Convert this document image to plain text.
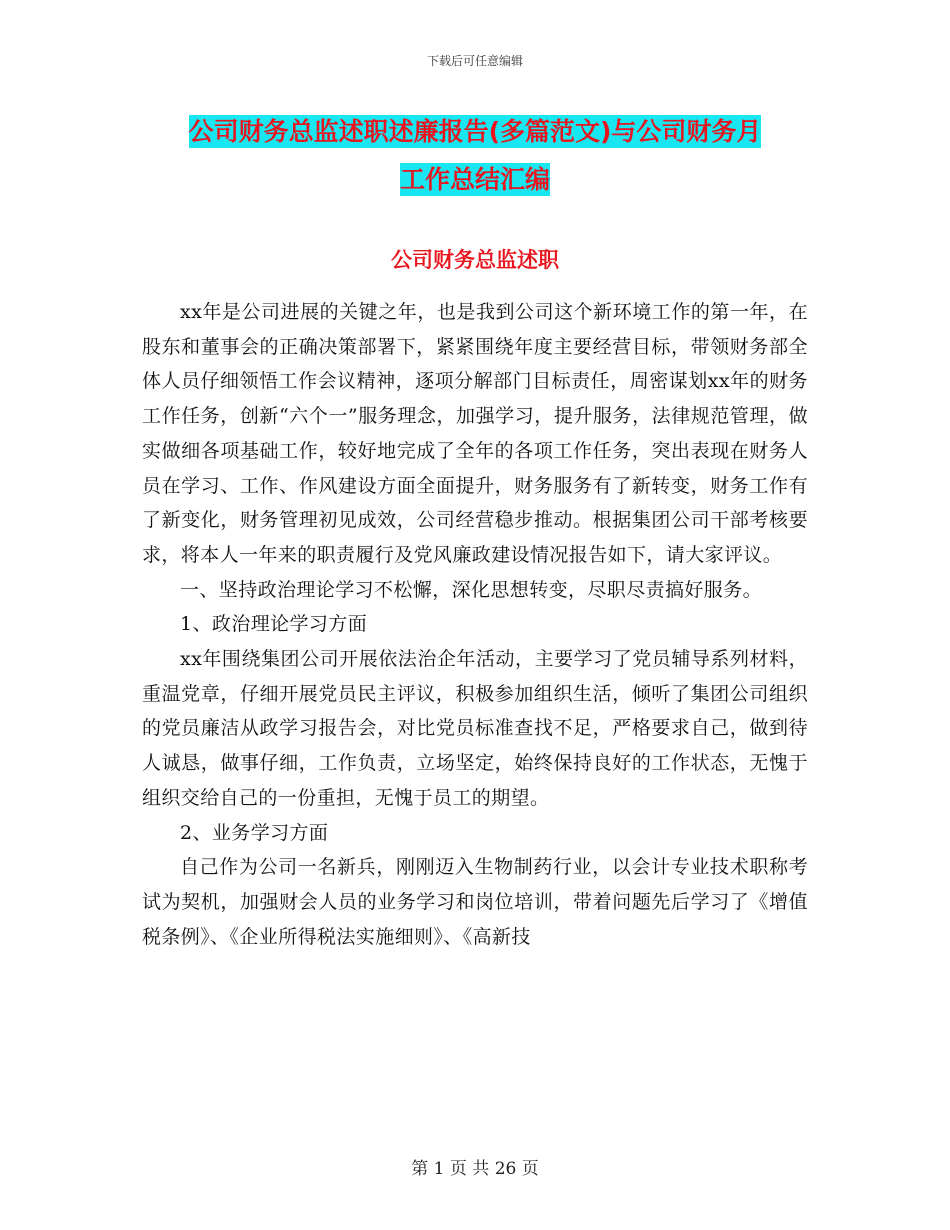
下载后可任意编辑
公司财务总监述职述廉报告(多篇范文)与公司财务月
工作总结汇编
公司财务总监述职

xx年是公司进展的关键之年，也是我到公司这个新环境工作的第一年，在股东和董事会的正确决策部署下，紧紧围绕年度主要经营目标，带领财务部全体人员仔细领悟工作会议精神，逐项分解部门目标责任，周密谋划xx年的财务工作任务，创新“六个一”服务理念，加强学习，提升服务，法律规范管理，做实做细各项基础工作，较好地完成了全年的各项工作任务，突出表现在财务人员在学习、工作、作风建设方面全面提升，财务服务有了新转变，财务工作有了新变化，财务管理初见成效，公司经营稳步推动。根据集团公司干部考核要求，将本人一年来的职责履行及党风廉政建设情况报告如下，请大家评议。

一、坚持政治理论学习不松懈，深化思想转变，尽职尽责搞好服务。

1、政治理论学习方面

xx年围绕集团公司开展依法治企年活动，主要学习了党员辅导系列材料，重温党章，仔细开展党员民主评议，积极参加组织生活，倾听了集团公司组织的党员廉洁从政学习报告会，对比党员标准查找不足，严格要求自己，做到待人诚恳，做事仔细，工作负责，立场坚定，始终保持良好的工作状态，无愧于组织交给自己的一份重担，无愧于员工的期望。

2、业务学习方面

自己作为公司一名新兵，刚刚迈入生物制药行业，以会计专业技术职称考试为契机，加强财会人员的业务学习和岗位培训，带着问题先后学习了《增值税条例》、《企业所得税法实施细则》、《高新技

第 1 页 共 26 页
